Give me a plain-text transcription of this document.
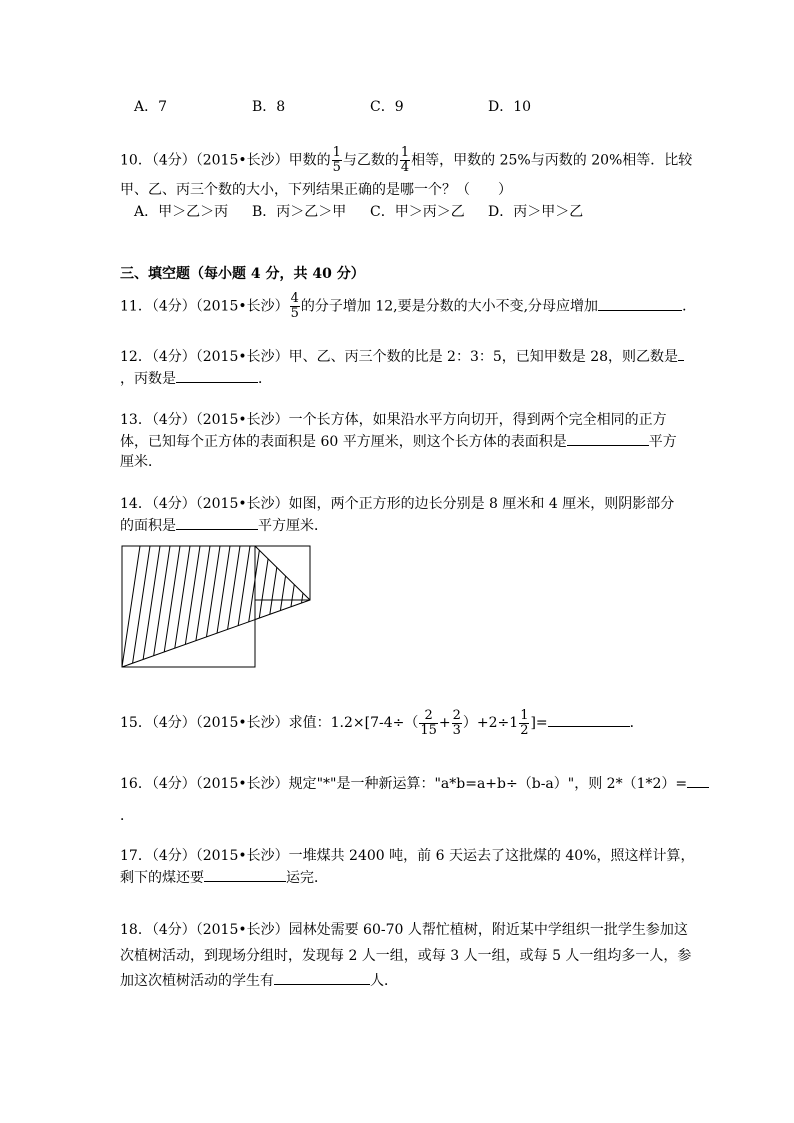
A．7	B．8	C．9	D．10
10．（4分）（2015•长沙）甲数的 $\frac{1}{5}$ 与乙数的 $\frac{1}{4}$ 相等，甲数的 25%与丙数的 20%相等．比较
甲、乙、丙三个数的大小，下列结果正确的是哪一个？（　　）
A．甲＞乙＞丙 B．丙＞乙＞甲 C．甲＞丙＞乙 D．丙＞甲＞乙
三、填空题（每小题 4 分，共 40 分）
11．（4分）（2015•长沙） $\frac{4}{5}$ 的分子增加 12,要是分数的大小不变,分母应增加	．
12．（4分）（2015•长沙）甲、乙、丙三个数的比是 2：3：5，已知甲数是 28，则乙数是
，丙数是	．
13．（4分）（2015•长沙）一个长方体，如果沿水平方向切开，得到两个完全相同的正方
体，已知每个正方体的表面积是 60 平方厘米，则这个长方体的表面积是	平方
厘米．
14．（4分）（2015•长沙）如图，两个正方形的边长分别是 8 厘米和 4 厘米，则阴影部分
的面积是	平方厘米．
15．（4分）（2015•长沙）求值：$1.2\times[7-4\div( \frac{2}{15} + \frac{2}{3} )+2\div 1 \frac{1}{2}$ ]=	．
16．（4分）（2015•长沙）规定"*"是一种新运算："a*b=a+b÷（b-a）"，则 2*（1*2）=
．
17．（4分）（2015•长沙）一堆煤共 2400 吨，前 6 天运去了这批煤的 40%，照这样计算，
剩下的煤还要	运完．
18．（4分）（2015•长沙）园林处需要 60-70 人帮忙植树，附近某中学组织一批学生参加这
次植树活动，到现场分组时，发现每 2 人一组，或每 3 人一组，或每 5 人一组均多一人，参
加这次植树活动的学生有	人．
